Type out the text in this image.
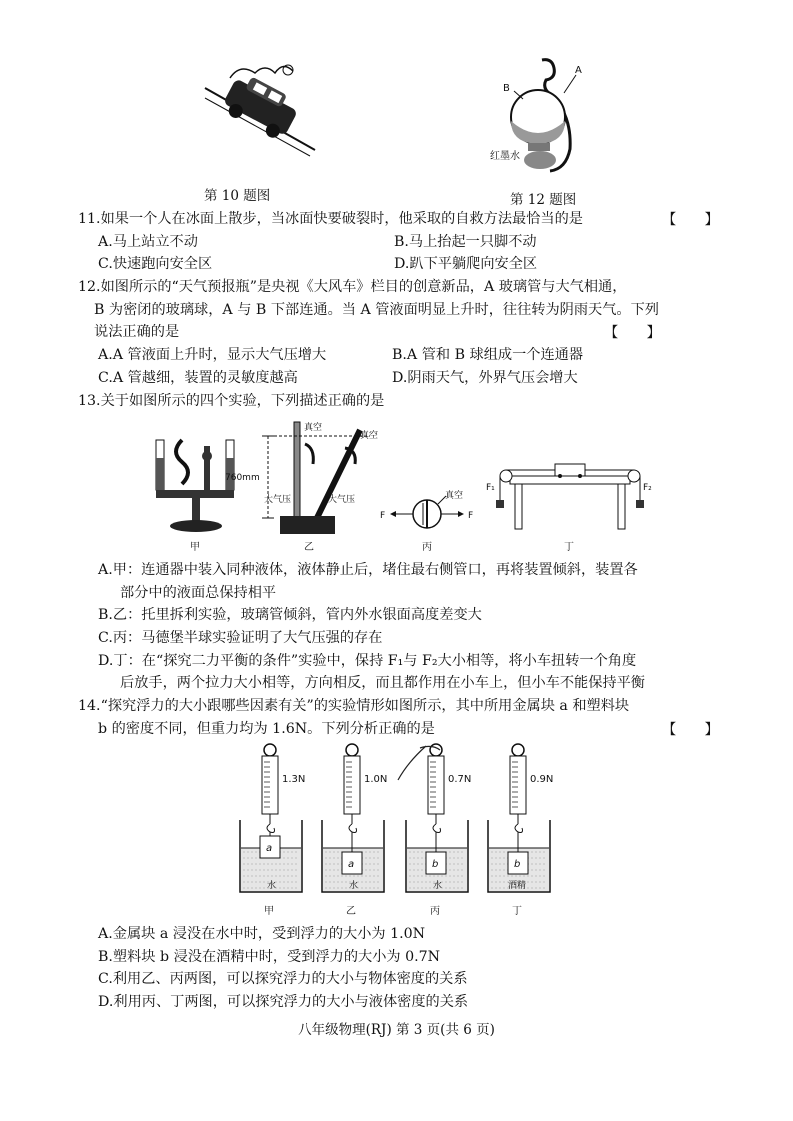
第 10 题图
A
B
红墨水
第 12 题图
11.如果一个人在冰面上散步，当冰面快要破裂时，他采取的自救方法最恰当的是	【　　】
A.马上站立不动	B.马上抬起一只脚不动
C.快速跑向安全区	D.趴下平躺爬向安全区
12.如图所示的“天气预报瓶”是央视《大风车》栏目的创意新品，A 玻璃管与大气相通，
B 为密闭的玻璃球，A 与 B 下部连通。当 A 管液面明显上升时，往往转为阴雨天气。下列
说法正确的是	【　　】
A.A 管液面上升时，显示大气压增大	B.A 管和 B 球组成一个连通器
C.A 管越细，装置的灵敏度越高	D.阴雨天气，外界气压会增大
13.关于如图所示的四个实验，下列描述正确的是
甲
760mm
真空
真空
大气压	大气压
乙
F	F
真空
丙
F₁	F₂
丁
A.甲：连通器中装入同种液体，液体静止后，堵住最右侧管口，再将装置倾斜，装置各
部分中的液面总保持相平
B.乙：托里拆利实验，玻璃管倾斜，管内外水银面高度差变大
C.丙：马德堡半球实验证明了大气压强的存在
D.丁：在“探究二力平衡的条件”实验中，保持 F₁与 F₂大小相等，将小车扭转一个角度
后放手，两个拉力大小相等，方向相反，而且都作用在小车上，但小车不能保持平衡
14.“探究浮力的大小跟哪些因素有关”的实验情形如图所示，其中所用金属块 a 和塑料块
b 的密度不同，但重力均为 1.6N。下列分析正确的是	【　　】
a
1.3N
水
甲
a
1.0N
水
乙
b
0.7N
水
丙
b
0.9N
酒精
丁
A.金属块 a 浸没在水中时，受到浮力的大小为 1.0N
B.塑料块 b 浸没在酒精中时，受到浮力的大小为 0.7N
C.利用乙、丙两图，可以探究浮力的大小与物体密度的关系
D.利用丙、丁两图，可以探究浮力的大小与液体密度的关系
八年级物理(RJ) 第 3 页(共 6 页)
